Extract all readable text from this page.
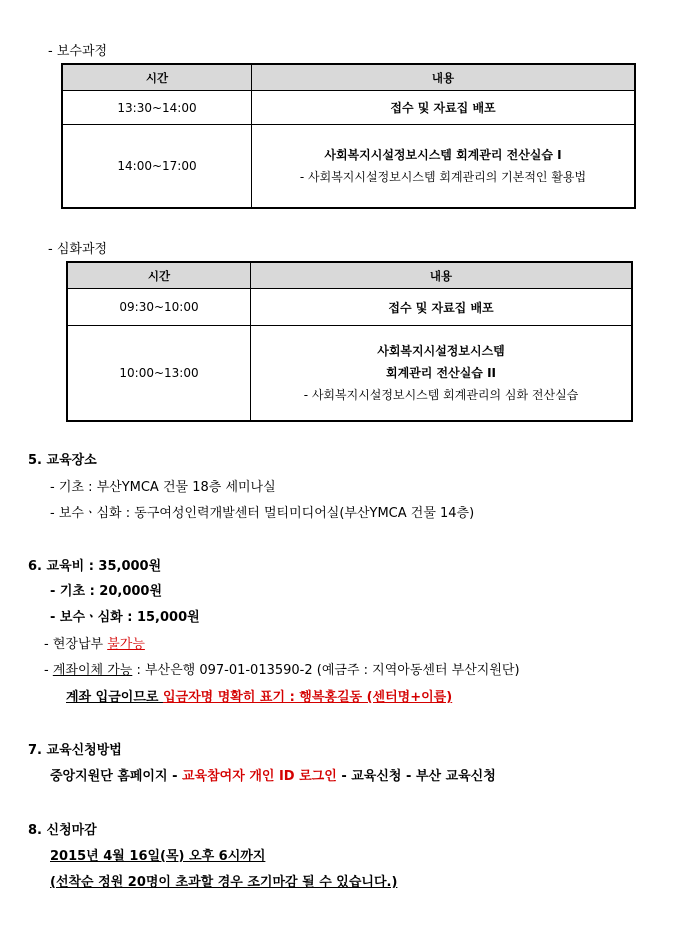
- 보수과정
시간	내용
13:30~14:00	접수 및 자료집 배포
14:00~17:00	사회복지시설정보시스템 회계관리 전산실습 I
- 사회복지시설정보시스템 회계관리의 기본적인 활용법
- 심화과정
시간	내용
09:30~10:00	접수 및 자료집 배포
10:00~13:00	사회복지시설정보시스템
회계관리 전산실습 II
- 사회복지시설정보시스템 회계관리의 심화 전산실습
5. 교육장소
- 기초 : 부산YMCA 건물 18층 세미나실
- 보수ㆍ심화 : 동구여성인력개발센터 멀티미디어실(부산YMCA 건물 14층)
6. 교육비 : 35,000원
- 기초 : 20,000원
- 보수ㆍ심화 : 15,000원
- 현장납부 불가능
- 계좌이체 가능 : 부산은행 097-01-013590-2 (예금주 : 지역아동센터 부산지원단)
계좌 입금이므로 입금자명 명확히 표기 : 행복홍길동 (센터명+이름)
7. 교육신청방법
중앙지원단 홈페이지 - 교육참여자 개인 ID 로그인 - 교육신청 - 부산 교육신청
8. 신청마감
2015년 4월 16일(목) 오후 6시까지
(선착순 정원 20명이 초과할 경우 조기마감 될 수 있습니다.)
